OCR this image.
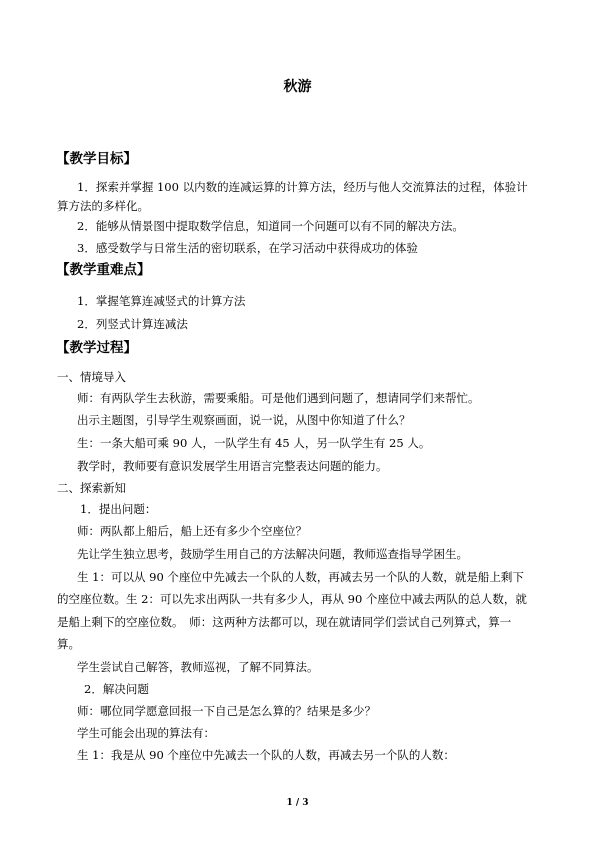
秋游
【教学目标】
1．探索并掌握 100 以内数的连减运算的计算方法，经历与他人交流算法的过程，体验计
算方法的多样化。
2．能够从情景图中提取数学信息，知道同一个问题可以有不同的解决方法。
3．感受数学与日常生活的密切联系，在学习活动中获得成功的体验
【教学重难点】
1．掌握笔算连减竖式的计算方法
2．列竖式计算连减法
【教学过程】
一、情境导入
师：有两队学生去秋游，需要乘船。可是他们遇到问题了，想请同学们来帮忙。
出示主题图，引导学生观察画面，说一说，从图中你知道了什么？
生：一条大船可乘 90 人，一队学生有 45 人，另一队学生有 25 人。
教学时，教师要有意识发展学生用语言完整表达问题的能力。
二、探索新知
1．提出问题：
师：两队都上船后，船上还有多少个空座位？
先让学生独立思考，鼓励学生用自己的方法解决问题，教师巡查指导学困生。
生 1：可以从 90 个座位中先减去一个队的人数，再减去另一个队的人数，就是船上剩下
的空座位数。生 2：可以先求出两队一共有多少人，再从 90 个座位中减去两队的总人数，就
是船上剩下的空座位数。　师：这两种方法都可以，现在就请同学们尝试自己列算式，算一
算。
学生尝试自己解答，教师巡视，了解不同算法。
2．解决问题
师：哪位同学愿意回报一下自己是怎么算的？结果是多少？
学生可能会出现的算法有：
生 1：我是从 90 个座位中先减去一个队的人数，再减去另一个队的人数：
1 / 3
